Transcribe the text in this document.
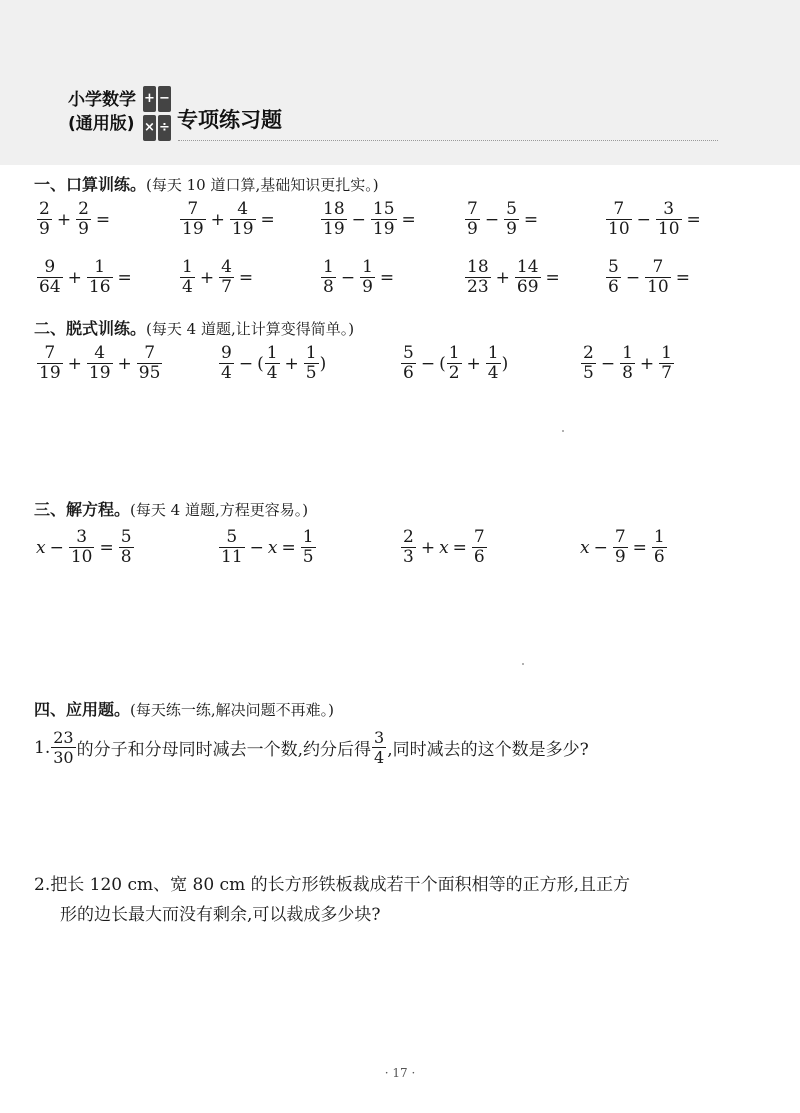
小学数学
(通用版)
+ −
× ÷ 专项练习题
一、口算训练。(每天 10 道口算,基础知识更扎实。)
$\frac{2}{9} + \frac{2}{9}$ =	$\frac{7}{19} + \frac{4}{19}$ =	$\frac{18}{19} - \frac{15}{19}$ =	$\frac{7}{9} - \frac{5}{9}$ =	$\frac{7}{10} - \frac{3}{10}$ =
$\frac{9}{64} + \frac{1}{16}$ =	$\frac{1}{4} + \frac{4}{7}$ =	$\frac{1}{8} - \frac{1}{9}$ =	$\frac{18}{23} + \frac{14}{69}$ =	$\frac{5}{6} - \frac{7}{10}$ =
二、脱式训练。(每天 4 道题,让计算变得简单。)
$\frac{7}{19} + \frac{4}{19} + \frac{7}{95}$	$\frac{9}{4}$ − ( $\frac{1}{4} + \frac{1}{5}$ )	$\frac{5}{6}$ − ( $\frac{1}{2} + \frac{1}{4}$ )	$\frac{2}{5} - \frac{1}{8} + \frac{1}{7}$
三、解方程。(每天 4 道题,方程更容易。)
$x - \frac{3}{10} = \frac{5}{8}$	$\frac{5}{11} - x = \frac{1}{5}$	$\frac{2}{3} + x = \frac{7}{6}$	$x - \frac{7}{9} = \frac{1}{6}$
四、应用题。(每天练一练,解决问题不再难。)
1. $\frac{23}{30}$ 的分子和分母同时减去一个数,约分后得 $\frac{3}{4}$ ,同时减去的这个数是多少?
2.把长 120 cm、宽 80 cm 的长方形铁板裁成若干个面积相等的正方形,且正方
形的边长最大而没有剩余,可以裁成多少块?
· 17 ·
